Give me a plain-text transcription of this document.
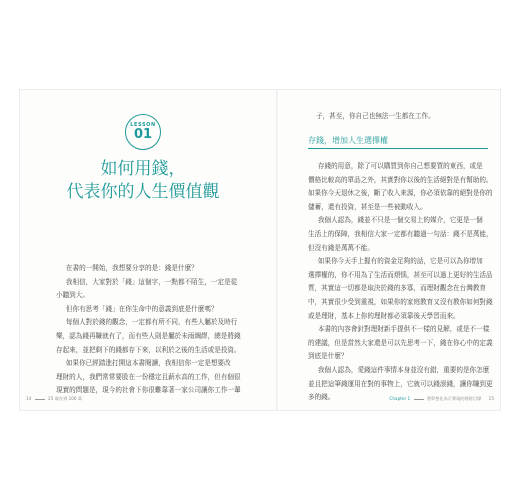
LESSON
01
如何用錢，
代表你的人生價值觀

在書的一開始，我想要分享的是：錢是什麼？

我相信，大家對於「錢」這個字，一點都不陌生，一定是從

小聽到大。

但你有思考「錢」在你生命中的意義到底是什麼嗎？

每個人對於錢的觀念，一定都有所不同，有些人屬於及時行

樂，認為錢再賺就有了，而有些人則是屬於未雨綢繆，總是將錢

存起來，並把剩下的錢都存下來，以利於之後的生活或是投資。

如果你已經踏進打開這本書閱讀，我相信你一定是想要改

理財的人，我們常常要股在一份穩定且薪水高的工作，但有個很

現實的問題是，現今的社會下你很難靠著一家公司讓你工作一輩

14	25 歲存到 100 萬

子，甚至，你自己也無法一生都在工作。

存錢，增加人生選擇權

存錢的用意，除了可以購買到你自己想要買的東西，或是

價格比較高的單品之外，其實對你以後的生活絕對是有幫助的。

如果你今天退休之後，斷了收入來源，你必須依靠的絕對是你的

儲蓄，還有投資，甚至是一些被動收入。

我個人認為，錢並不只是一個交易上的媒介，它更是一個

生活上的保障，我相信大家一定都有聽過一句話：錢不是萬能，

但沒有錢是萬萬不能。

如果你今天手上握有的資金足夠的話，它是可以為你增加

選擇權的，你不用為了生活而煩惱，甚至可以過上更好的生活品

質，其實這一切都是取決於錢的多寡，而理財觀念在台灣教育

中，其實很少受到重視，如果你的家庭教育又沒有教你如何對錢

或是理財，基本上你的理財都必須靠後天學習而來。

本書的內容會針對理財新手提供不一樣的見解，或是不一樣

的建議，但是當然大家還是可以先思考一下，錢在你心中的定義

到底是什麼？

我個人認為，愛錢這件事情本身並沒有錯，重要的是你怎麼

並且把這筆錢運用在對的事物上，它就可以錢滾錢，讓你賺到更

多的錢。	Chapter 1	將夢想化為可實現的理財目標 15
